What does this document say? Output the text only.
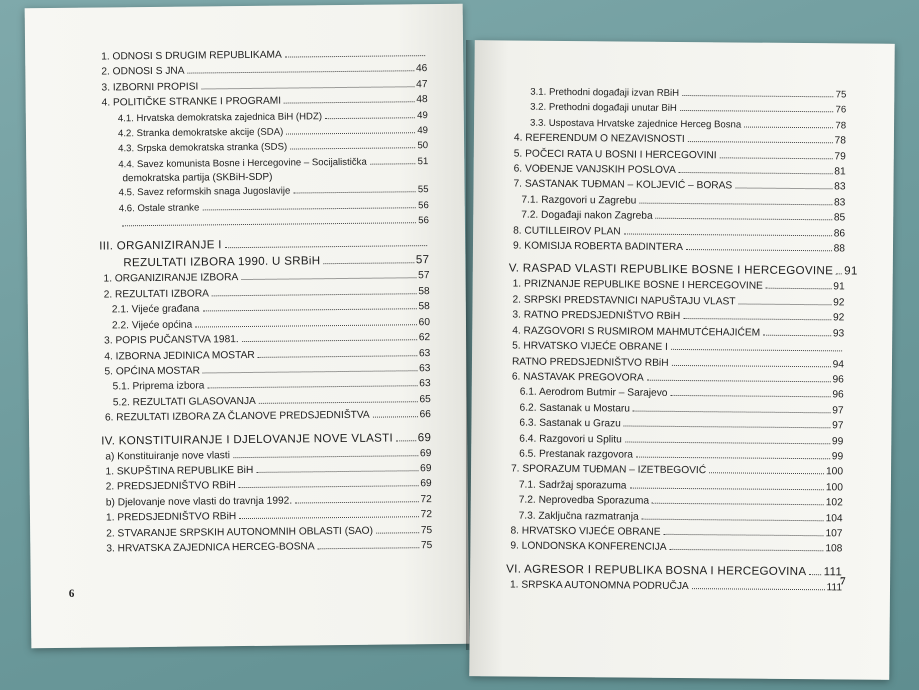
1. ODNOSI S DRUGIM REPUBLIKAMA
2. ODNOSI S JNA	46
3. IZBORNI PROPISI	47
4. POLITIČKE STRANKE I PROGRAMI	48
4.1. Hrvatska demokratska zajednica BiH (HDZ)	49
4.2. Stranka demokratske akcije (SDA)	49
4.3. Srpska demokratska stranka (SDS)	50
4.4. Savez komunista Bosne i Hercegovine – Socijalistička	51
demokratska partija (SKBiH-SDP)
4.5. Savez reformskih snaga Jugoslavije	55
4.6. Ostale stranke	56
56
III. ORGANIZIRANJE I
REZULTATI IZBORA 1990. U SRBiH	57
1. ORGANIZIRANJE IZBORA	57
2. REZULTATI IZBORA	58
2.1. Vijeće građana	58
2.2. Vijeće općina	60
3. POPIS PUČANSTVA 1981.	62
4. IZBORNA JEDINICA MOSTAR	63
5. OPĆINA MOSTAR	63
5.1. Priprema izbora	63
5.2. REZULTATI GLASOVANJA	65
6. REZULTATI IZBORA ZA ČLANOVE PREDSJEDNIŠTVA	66
IV. KONSTITUIRANJE I DJELOVANJE NOVE VLASTI 69
a) Konstituiranje nove vlasti	69
1. SKUPŠTINA REPUBLIKE BiH	69
2. PREDSJEDNIŠTVO RBiH	69
b) Djelovanje nove vlasti do travnja 1992.	72
1. PREDSJEDNIŠTVO RBiH	72
2. STVARANJE SRPSKIH AUTONOMNIH OBLASTI (SAO)	75
3. HRVATSKA ZAJEDNICA HERCEG-BOSNA	75
6
3.1. Prethodni događaji izvan RBiH	75
3.2. Prethodni događaji unutar BiH	76
3.3. Uspostava Hrvatske zajednice Herceg Bosna	78
4. REFERENDUM O NEZAVISNOSTI	78
5. POČECI RATA U BOSNI I HERCEGOVINI	79
6. VOĐENJE VANJSKIH POSLOVA	81
7. SASTANAK TUĐMAN – KOLJEVIĆ – BORAS	83
7.1. Razgovori u Zagrebu	83
7.2. Događaji nakon Zagreba	85
8. CUTILLEIROV PLAN	86
9. KOMISIJA ROBERTA BADINTERA	88
V. RASPAD VLASTI REPUBLIKE BOSNE I HERCEGOVINE 91
1. PRIZNANJE REPUBLIKE BOSNE I HERCEGOVINE	91
2. SRPSKI PREDSTAVNICI NAPUŠTAJU VLAST	92
3. RATNO PREDSJEDNIŠTVO RBiH	92
4. RAZGOVORI S RUSMIROM MAHMUTĆEHAJIĆEM	93
5. HRVATSKO VIJEĆE OBRANE I
RATNO PREDSJEDNIŠTVO RBiH	94
6. NASTAVAK PREGOVORA	96
6.1. Aerodrom Butmir – Sarajevo	96
6.2. Sastanak u Mostaru	97
6.3. Sastanak u Grazu	97
6.4. Razgovori u Splitu	99
6.5. Prestanak razgovora	99
7. SPORAZUM TUĐMAN – IZETBEGOVIĆ	100
7.1. Sadržaj sporazuma	100
7.2. Neprovedba Sporazuma	102
7.3. Zaključna razmatranja	104
8. HRVATSKO VIJEĆE OBRANE	107
9. LONDONSKA KONFERENCIJA	108
VI. AGRESOR I REPUBLIKA BOSNA I HERCEGOVINA 111
1. SRPSKA AUTONOMNA PODRUČJA	111
7
